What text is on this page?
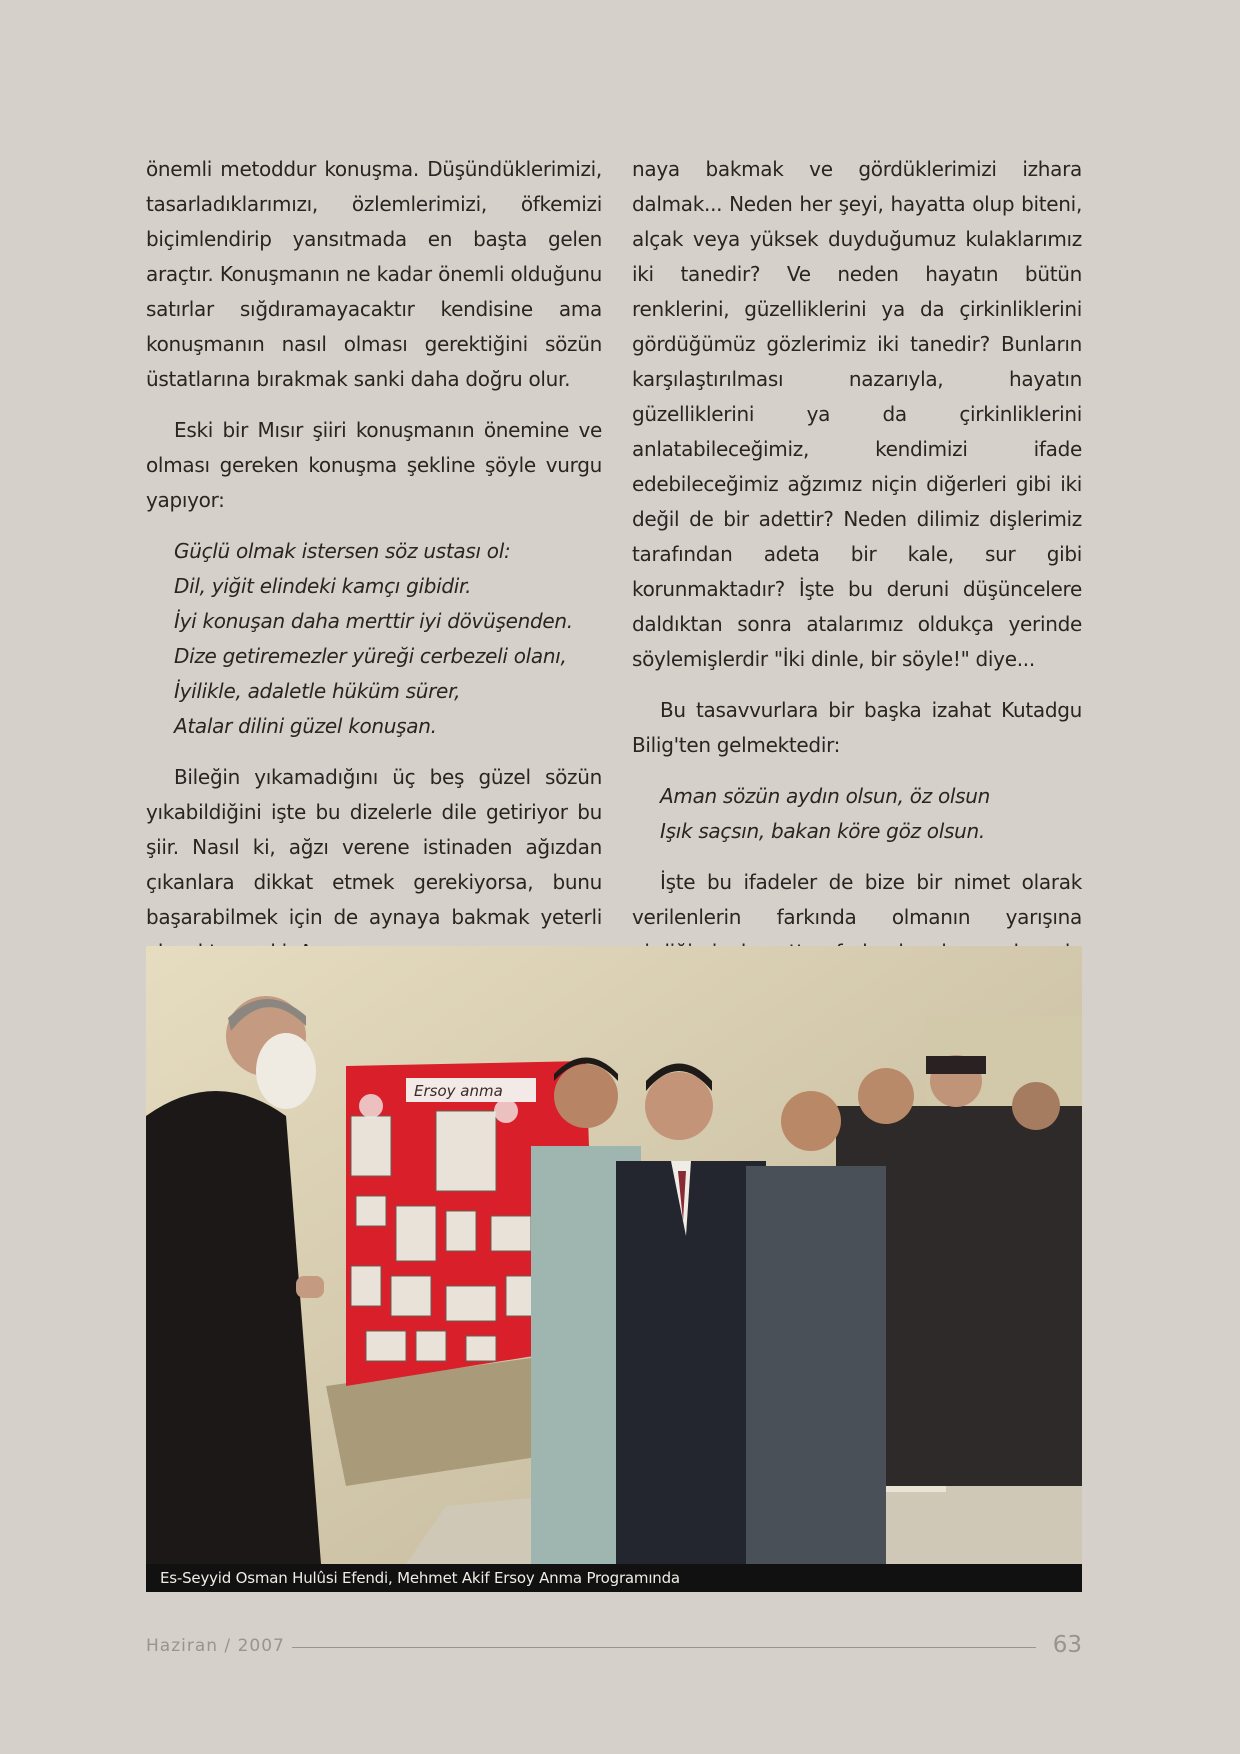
önemli metoddur konuşma. Düşündüklerimizi, tasarladıklarımızı, özlemlerimizi, öfkemizi biçimlendirip yansıtmada en başta gelen araçtır. Konuşmanın ne kadar önemli olduğunu satırlar sığdıramayacaktır kendisine ama konuşmanın nasıl olması gerektiğini sözün üstatlarına bırakmak sanki daha doğru olur.

Eski bir Mısır şiiri konuşmanın önemine ve olması gereken konuşma şekline şöyle vurgu yapıyor:

Güçlü olmak istersen söz ustası ol:
Dil, yiğit elindeki kamçı gibidir.
İyi konuşan daha merttir iyi dövüşenden.
Dize getiremezler yüreği cerbezeli olanı,
İyilikle, adaletle hüküm sürer,
Atalar dilini güzel konuşan.

Bileğin yıkamadığını üç beş güzel sözün yıkabildiğini işte bu dizelerle dile getiriyor bu şiir. Nasıl ki, ağzı verene istinaden ağızdan çıkanlara dikkat etmek gerekiyorsa, bunu başarabilmek için de aynaya bakmak yeterli

naya bakmak ve gördüklerimizi izhara dalmak... Neden her şeyi, hayatta olup biteni, alçak veya yüksek duyduğumuz kulaklarımız iki tanedir? Ve neden hayatın bütün renklerini, güzelliklerini ya da çirkinliklerini gördüğümüz gözlerimiz iki tanedir? Bunların karşılaştırılması nazarıyla, hayatın güzelliklerini ya da çirkinliklerini anlatabileceğimiz, kendimizi ifade edebileceğimiz ağzımız niçin diğerleri gibi iki değil de bir adettir? Neden dilimiz dişlerimiz tarafından adeta bir kale, sur gibi korunmaktadır? İşte bu deruni düşüncelere daldıktan sonra atalarımız oldukça yerinde söylemişlerdir "İki dinle, bir söyle!" diye...

Bu tasavvurlara bir başka izahat Kutadgu Bilig'ten gelmektedir:

Aman sözün aydın olsun, öz olsun
Işık saçsın, bakan köre göz olsun.

İşte bu ifadeler de bize bir nimet olarak verilenlerin farkında olmanın yarışına

Ersoy anma
Es-Seyyid Osman Hulûsi Efendi, Mehmet Akif Ersoy Anma Programında
Haziran / 2007	63
